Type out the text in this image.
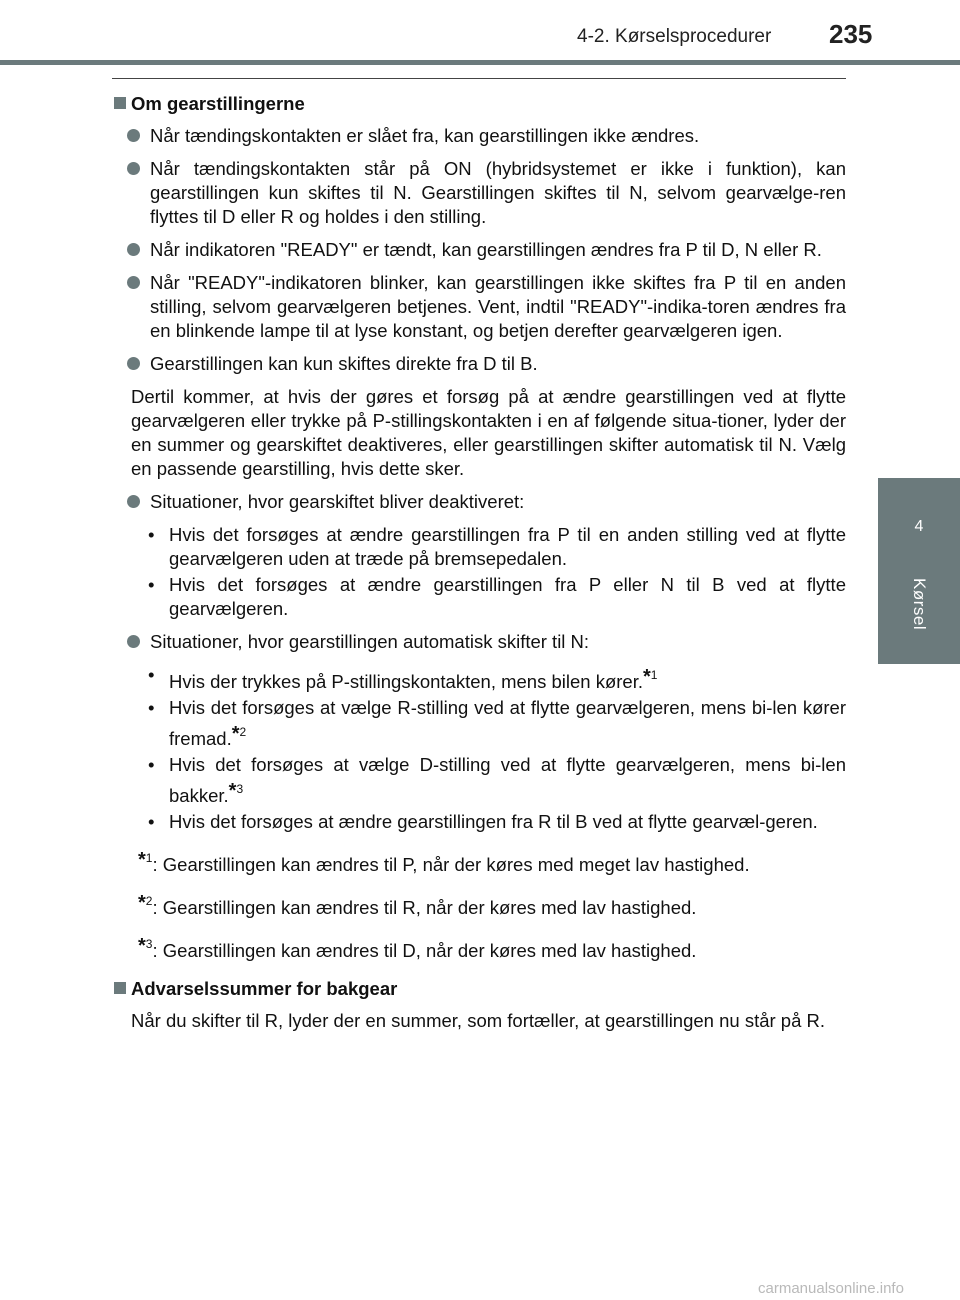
4-2. Kørselsprocedurer 235
4
Kørsel
Om gearstillingerne
Når tændingskontakten er slået fra, kan gearstillingen ikke ændres.
Når tændingskontakten står på ON (hybridsystemet er ikke i funktion), kan gearstillingen kun skiftes til N. Gearstillingen skiftes til N, selvom gearvælge-ren flyttes til D eller R og holdes i den stilling.
Når indikatoren "READY" er tændt, kan gearstillingen ændres fra P til D, N eller R.
Når "READY"-indikatoren blinker, kan gearstillingen ikke skiftes fra P til en anden stilling, selvom gearvælgeren betjenes. Vent, indtil "READY"-indika-toren ændres fra en blinkende lampe til at lyse konstant, og betjen derefter gearvælgeren igen.
Gearstillingen kan kun skiftes direkte fra D til B.
Dertil kommer, at hvis der gøres et forsøg på at ændre gearstillingen ved at flytte gearvælgeren eller trykke på P-stillingskontakten i en af følgende situa-tioner, lyder der en summer og gearskiftet deaktiveres, eller gearstillingen skifter automatisk til N. Vælg en passende gearstilling, hvis dette sker.
Situationer, hvor gearskiftet bliver deaktiveret:
• Hvis det forsøges at ændre gearstillingen fra P til en anden stilling ved at flytte gearvælgeren uden at træde på bremsepedalen.
• Hvis det forsøges at ændre gearstillingen fra P eller N til B ved at flytte gearvælgeren.
Situationer, hvor gearstillingen automatisk skifter til N:
• Hvis der trykkes på P-stillingskontakten, mens bilen kører.*$^1$
• Hvis det forsøges at vælge R-stilling ved at flytte gearvælgeren, mens bi-len kører fremad.*$^2$
• Hvis det forsøges at vælge D-stilling ved at flytte gearvælgeren, mens bi-len bakker.*$^3$
• Hvis det forsøges at ændre gearstillingen fra R til B ved at flytte gearvæl-geren.
*$^1$: Gearstillingen kan ændres til P, når der køres med meget lav hastighed.
*$^2$: Gearstillingen kan ændres til R, når der køres med lav hastighed.
*$^3$: Gearstillingen kan ændres til D, når der køres med lav hastighed.
Advarselssummer for bakgear
Når du skifter til R, lyder der en summer, som fortæller, at gearstillingen nu står på R.
carmanualsonline.info
